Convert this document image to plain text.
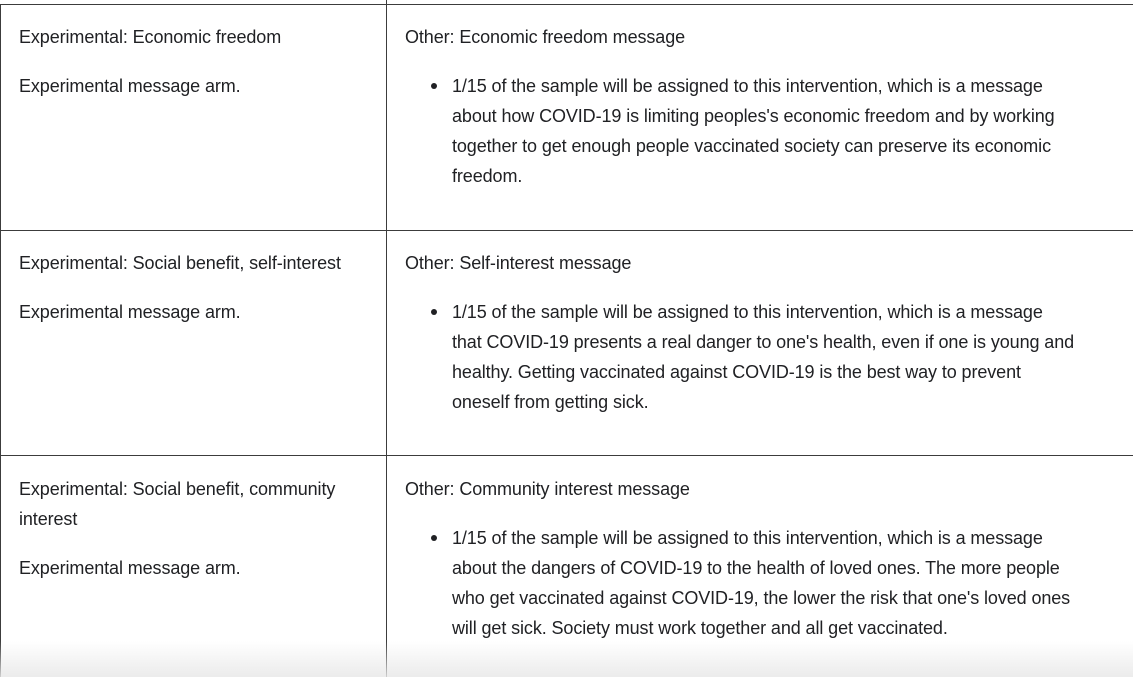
Experimental: Economic freedom

Experimental message arm.

Other: Economic freedom message

1/15 of the sample will be assigned to this intervention, which is a message about how COVID-19 is limiting peoples's economic freedom and by working together to get enough people vaccinated society can preserve its economic freedom.

Experimental: Social benefit, self-interest

Experimental message arm.

Other: Self-interest message

1/15 of the sample will be assigned to this intervention, which is a message that COVID-19 presents a real danger to one's health, even if one is young and healthy. Getting vaccinated against COVID-19 is the best way to prevent oneself from getting sick.

Experimental: Social benefit, community interest

Experimental message arm.

Other: Community interest message

1/15 of the sample will be assigned to this intervention, which is a message about the dangers of COVID-19 to the health of loved ones. The more people who get vaccinated against COVID-19, the lower the risk that one's loved ones will get sick. Society must work together and all get vaccinated.
